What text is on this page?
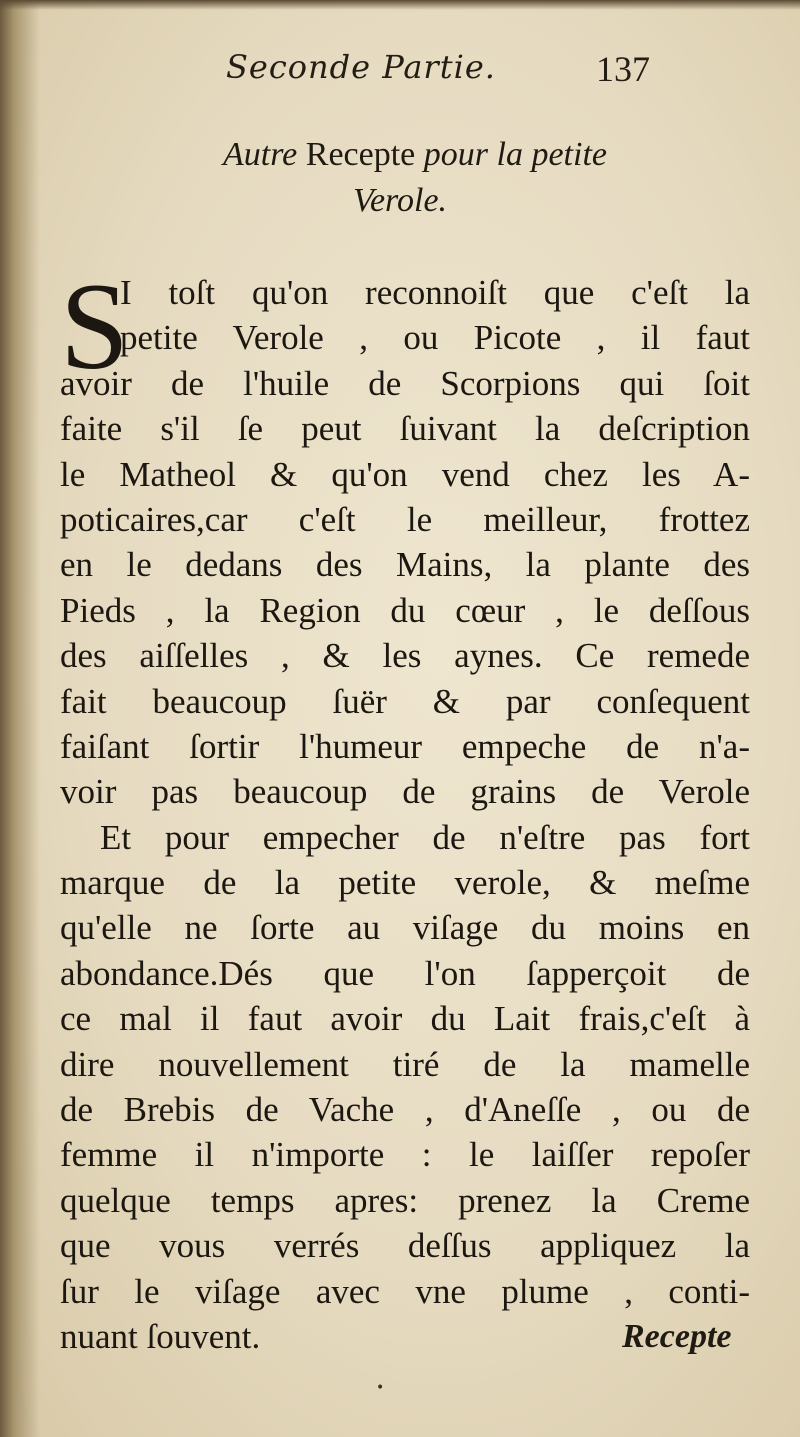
Seconde Partie.	137
Autre Recepte pour la petite
Verole.
S
I toſt qu'on reconnoiſt que c'eſt la
petite Verole , ou Picote , il faut
avoir de l'huile de Scorpions qui ſoit
faite s'il ſe peut ſuivant la deſcription
le Matheol & qu'on vend chez les A-
poticaires,car c'eſt le meilleur, frottez
en le dedans des Mains, la plante des
Pieds , la Region du cœur , le deſſous
des aiſſelles , & les aynes. Ce remede
fait beaucoup ſuër & par conſequent
faiſant ſortir l'humeur empeche de n'a-
voir pas beaucoup de grains de Verole
Et pour empecher de n'eſtre pas fort
marque de la petite verole, & meſme
qu'elle ne ſorte au viſage du moins en
abondance.Dés que l'on ſapperçoit de
ce mal il faut avoir du Lait frais,c'eſt à
dire nouvellement tiré de la mamelle
de Brebis de Vache , d'Aneſſe , ou de
femme il n'importe : le laiſſer repoſer
quelque temps apres: prenez la Creme
que vous verrés deſſus appliquez la
ſur le viſage avec vne plume , conti-
nuant ſouvent.	Recepte
•
